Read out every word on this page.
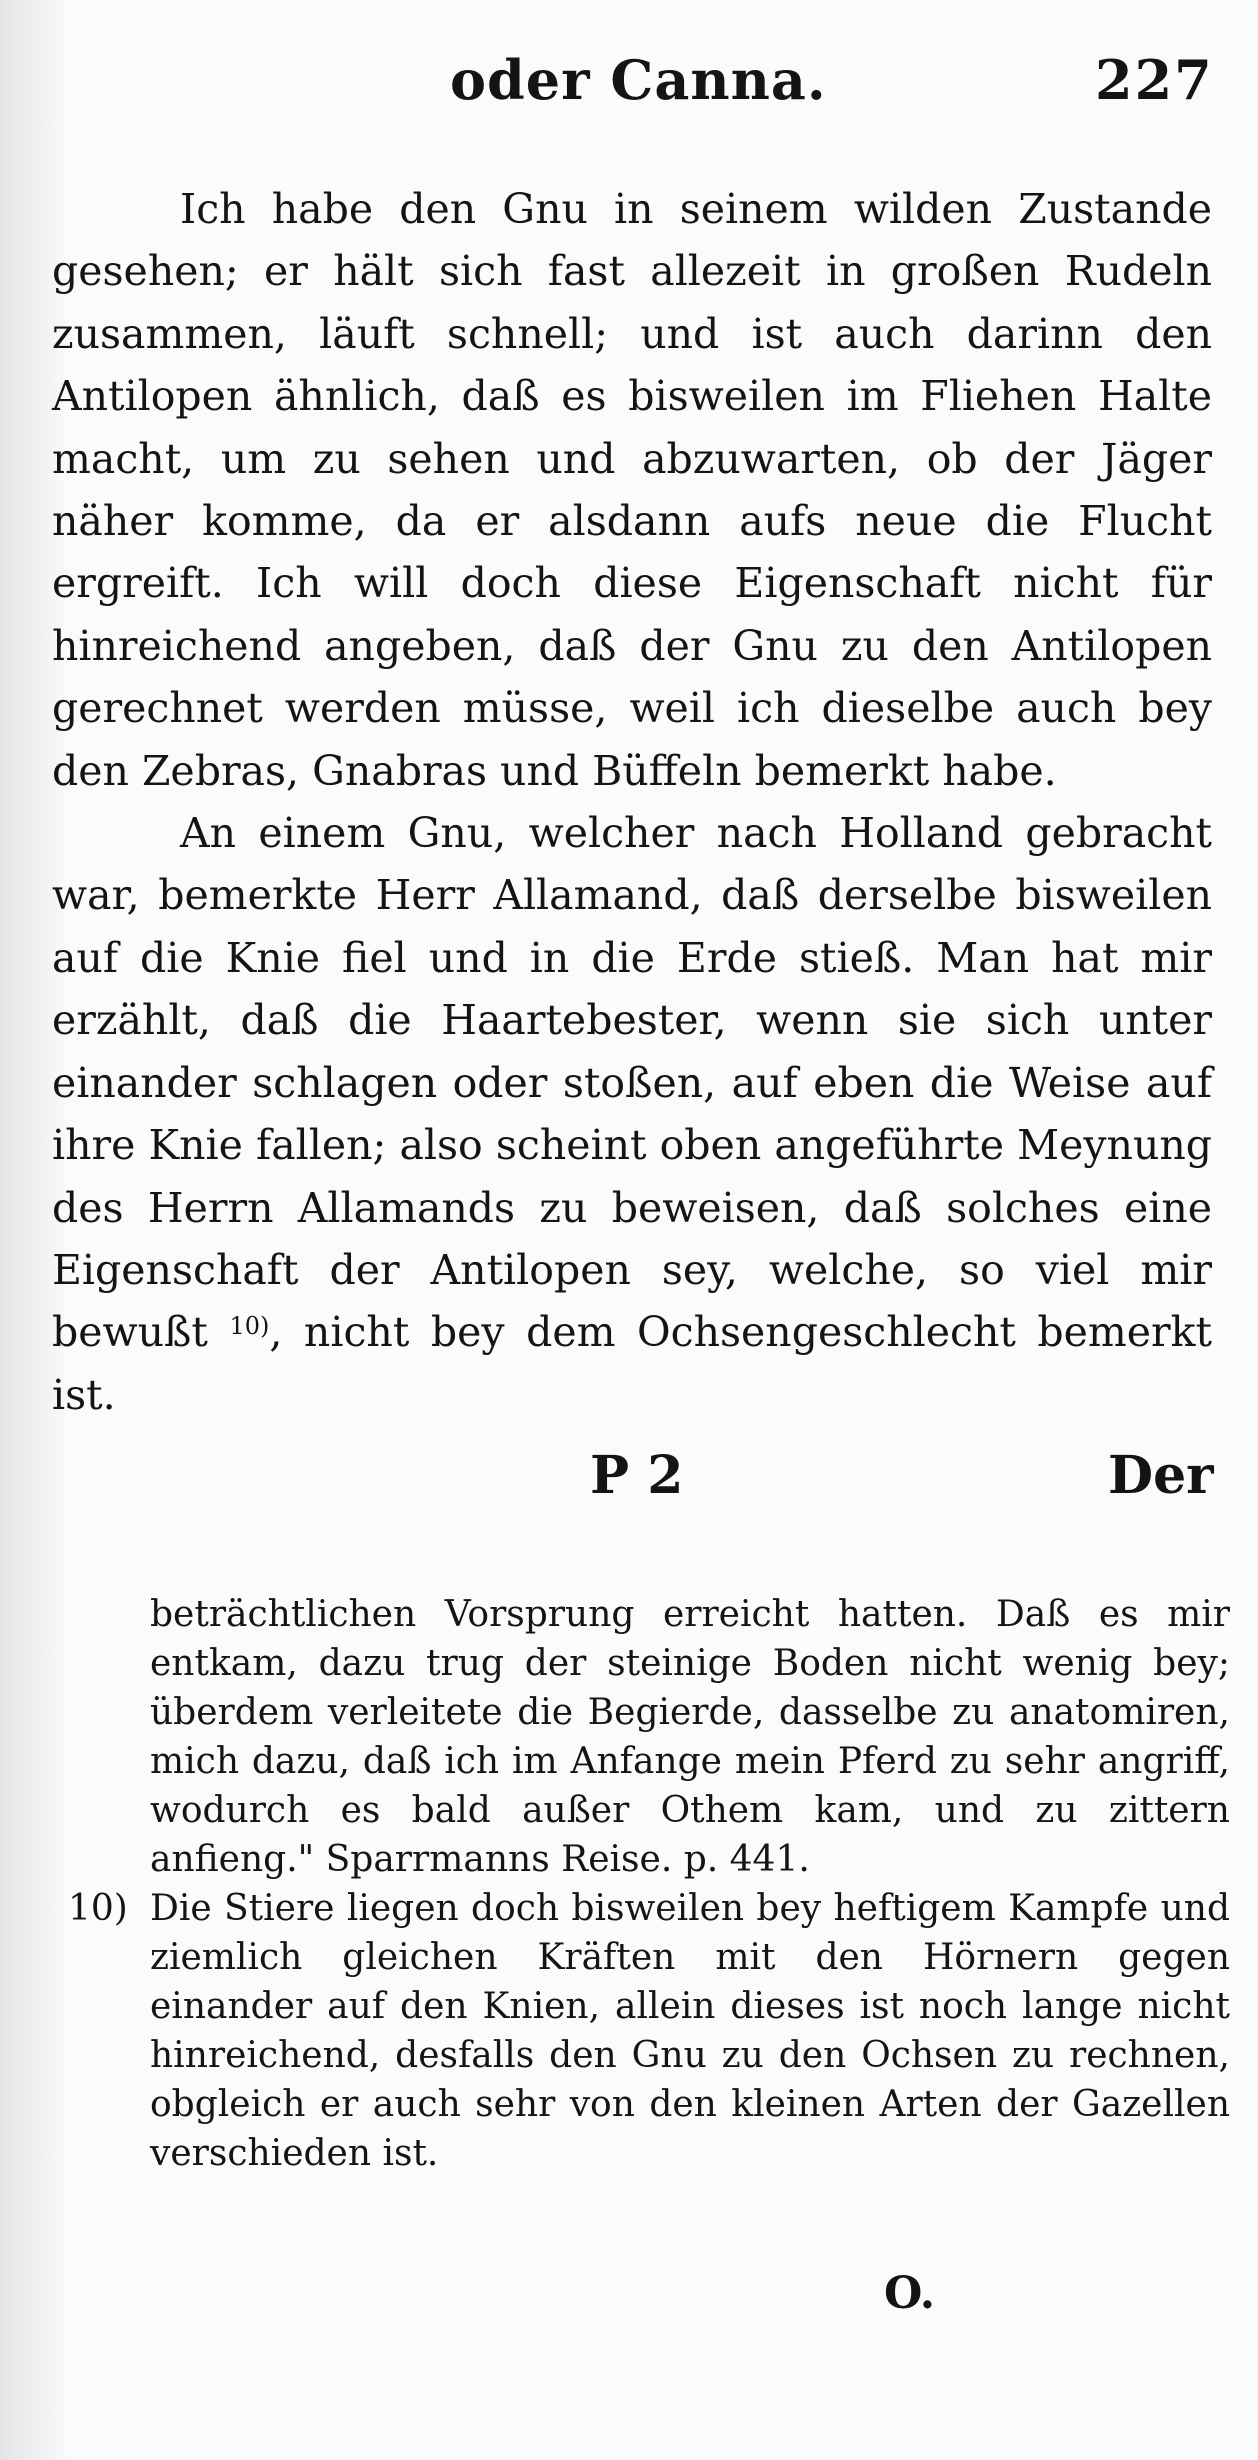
oder Canna.	227

Ich habe den Gnu in seinem wilden Zustande gesehen; er hält sich fast allezeit in großen Rudeln zusammen, läuft schnell; und ist auch darinn den Antilopen ähnlich, daß es bisweilen im Fliehen Halte macht, um zu sehen und abzuwarten, ob der Jäger näher komme, da er alsdann aufs neue die Flucht ergreift. Ich will doch diese Eigenschaft nicht für hinreichend angeben, daß der Gnu zu den Antilopen gerechnet werden müsse, weil ich dieselbe auch bey den Zebras, Gnabras und Büffeln bemerkt habe.

An einem Gnu, welcher nach Holland gebracht war, bemerkte Herr Allamand, daß derselbe bisweilen auf die Knie fiel und in die Erde stieß. Man hat mir erzählt, daß die Haartebester, wenn sie sich unter einander schlagen oder stoßen, auf eben die Weise auf ihre Knie fallen; also scheint oben angeführte Meynung des Herrn Allamands zu beweisen, daß solches eine Eigenschaft der Antilopen sey, welche, so viel mir bewußt $^{10)}$, nicht bey dem Ochsengeschlecht bemerkt ist.

P 2	Der

beträchtlichen Vorsprung erreicht hatten. Daß es mir entkam, dazu trug der steinige Boden nicht wenig bey; überdem verleitete die Begierde, dasselbe zu anatomiren, mich dazu, daß ich im Anfange mein Pferd zu sehr angriff, wodurch es bald außer Othem kam, und zu zittern anfieng." Sparrmanns Reise. p. 441.

10) Die Stiere liegen doch bisweilen bey heftigem Kampfe und ziemlich gleichen Kräften mit den Hörnern gegen einander auf den Knien, allein dieses ist noch lange nicht hinreichend, desfalls den Gnu zu den Ochsen zu rechnen, obgleich er auch sehr von den kleinen Arten der Gazellen verschieden ist.

O.
